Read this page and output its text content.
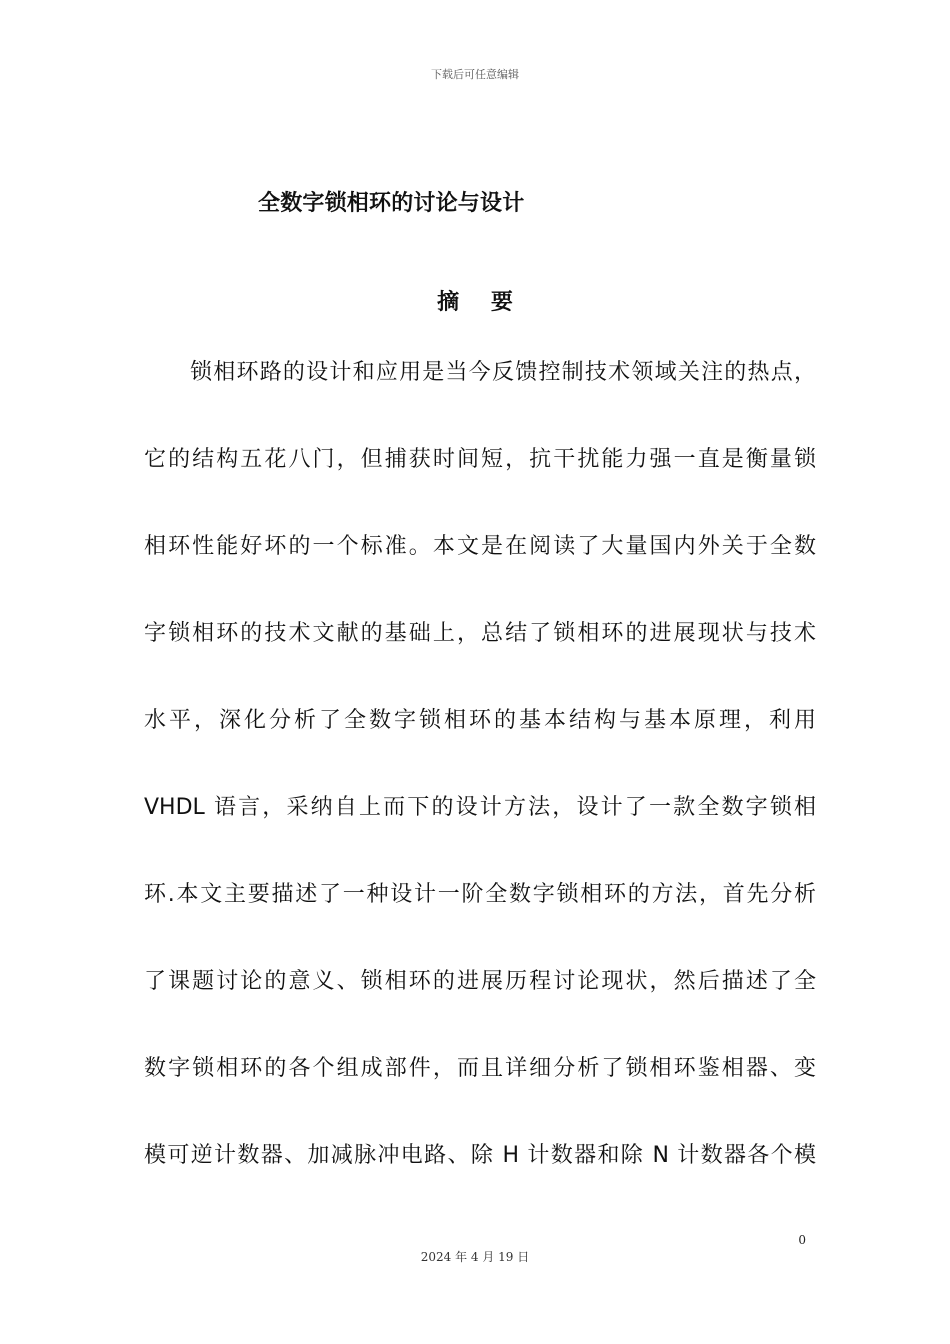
下载后可任意编辑
全数字锁相环的讨论与设计
摘 要
锁相环路的设计和应用是当今反馈控制技术领域关注的热点，
它的结构五花八门，但捕获时间短，抗干扰能力强一直是衡量锁
相环性能好坏的一个标准。本文是在阅读了大量国内外关于全数
字锁相环的技术文献的基础上，总结了锁相环的进展现状与技术
水平，深化分析了全数字锁相环的基本结构与基本原理，利用
VHDL 语言，采纳自上而下的设计方法，设计了一款全数字锁相
环.本文主要描述了一种设计一阶全数字锁相环的方法，首先分析
了课题讨论的意义、锁相环的进展历程讨论现状，然后描述了全
数字锁相环的各个组成部件，而且详细分析了锁相环鉴相器、变
模可逆计数器、加减脉冲电路、除 H 计数器和除 N 计数器各个模
0
2024 年 4 月 19 日
